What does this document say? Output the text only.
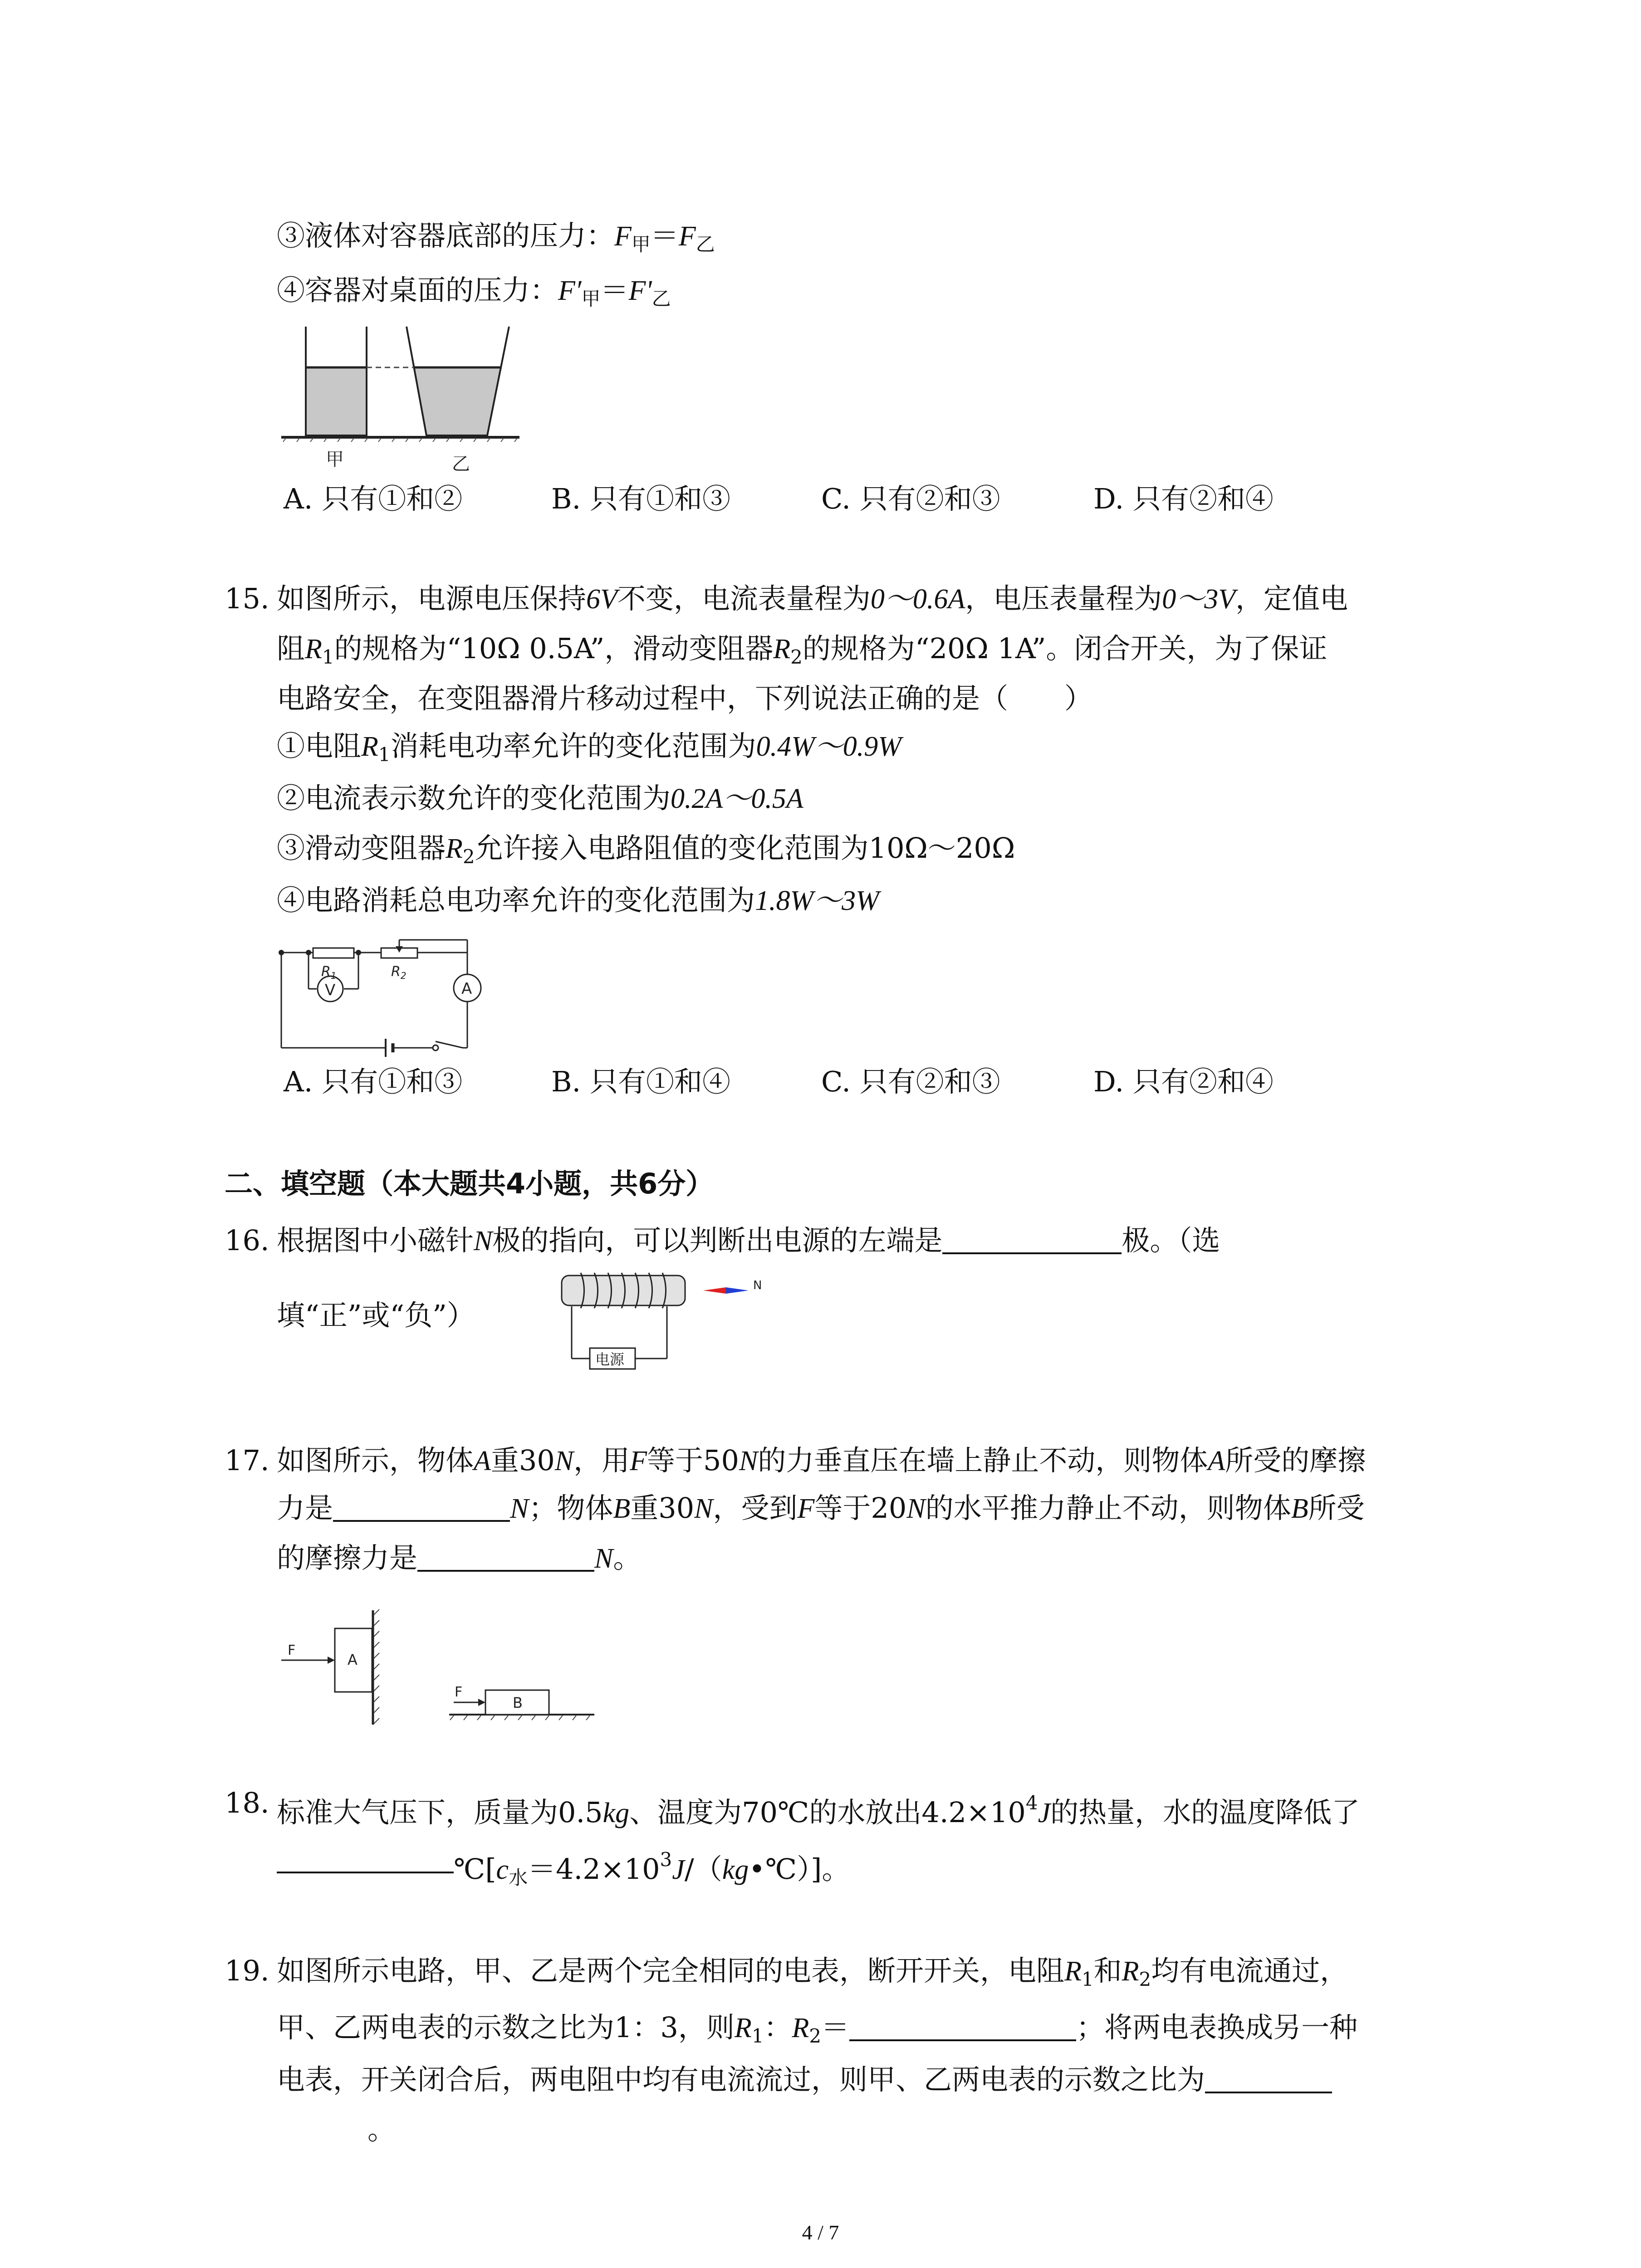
③液体对容器底部的压力：$F_甲=F_乙$
④容器对桌面的压力：$F'_甲=F'_乙$
甲	乙
A. 只有①和②	B. 只有①和③	C. 只有②和③	D. 只有②和④
15. 如图所示，电源电压保持6V不变，电流表量程为0～0.6A，电压表量程为0～3V，定值电
阻$R_1$的规格为“10Ω 0.5A”，滑动变阻器$R_2$的规格为“20Ω 1A”。闭合开关，为了保证
电路安全，在变阻器滑片移动过程中，下列说法正确的是（　　）
①电阻$R_1$消耗电功率允许的变化范围为0.4W～0.9W
②电流表示数允许的变化范围为0.2A～0.5A
③滑动变阻器$R_2$允许接入电路阻值的变化范围为10Ω～20Ω
④电路消耗总电功率允许的变化范围为1.8W～3W
V	A
$R_1$	$R_2$
A. 只有①和③	B. 只有①和④	C. 只有②和③	D. 只有②和④
二、填空题（本大题共4小题，共6分）
16. 根据图中小磁针N极的指向，可以判断出电源的左端是	极。（选
填“正”或“负”）
电源
N
17. 如图所示，物体A重30N，用F等于50N的力垂直压在墙上静止不动，则物体A所受的摩擦
力是	N；物体B重30N，受到F等于20N的水平推力静止不动，则物体B所受
的摩擦力是	N。
A
F
B
F
18. 标准大气压下，质量为0.5kg、温度为70℃的水放出$4.2\times 10^4J$的热量，水的温度降低了
$℃[c_水=4.2\times 10^3J/(kg•℃)]$。
19. 如图所示电路，甲、乙是两个完全相同的电表，断开开关，电阻$R_1$和$R_2$均有电流通过，
甲、乙两电表的示数之比为1：3，则$R_1$：$R_2=$	；将两电表换成另一种
电表，开关闭合后，两电阻中均有电流流过，则甲、乙两电表的示数之比为
。
4 / 7
